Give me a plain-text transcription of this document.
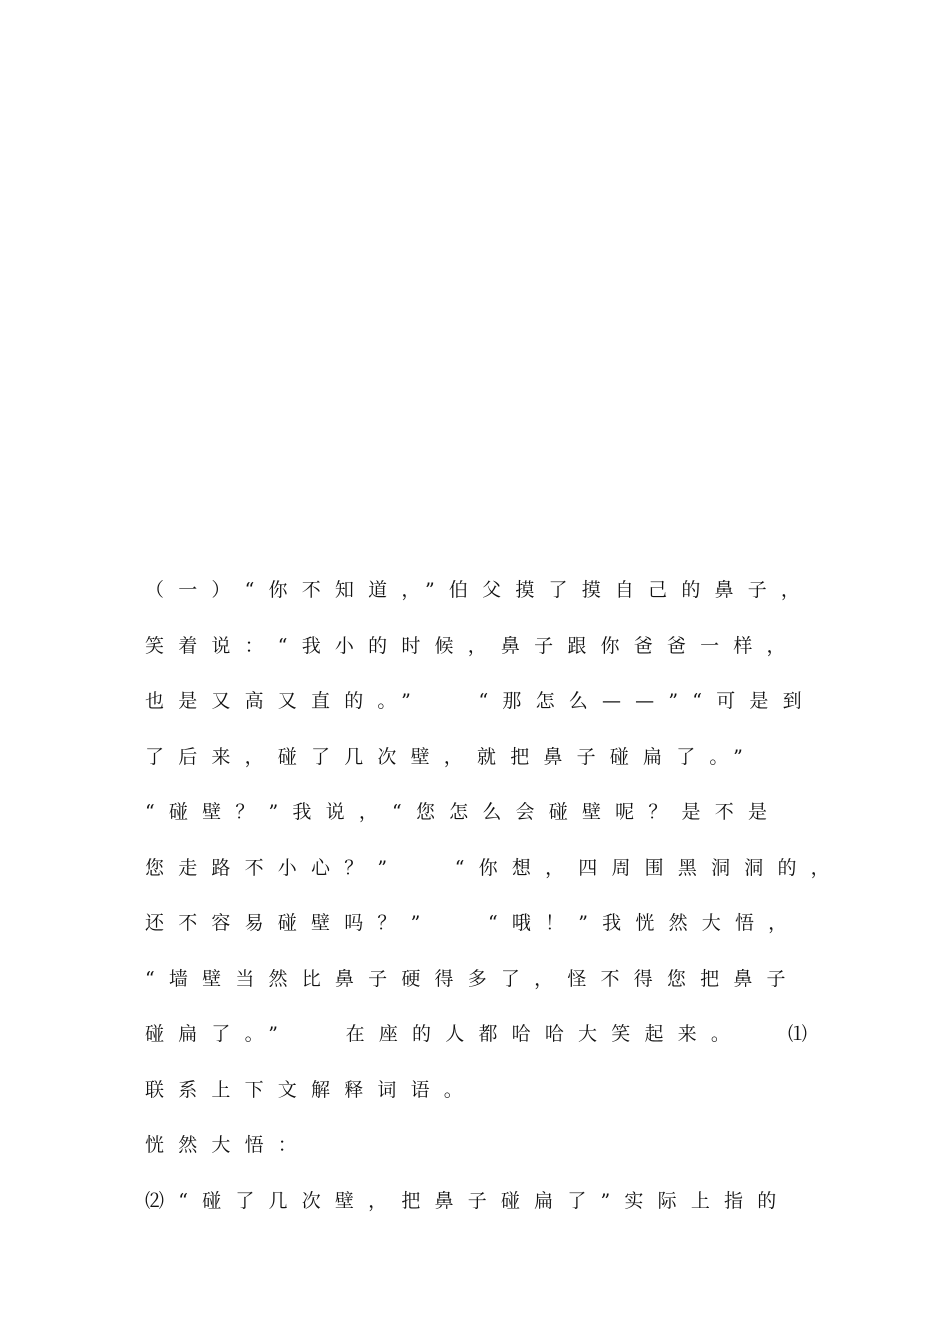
（一）“你不知道，”伯父摸了摸自己的鼻子，
笑着说：“我小的时候，鼻子跟你爸爸一样，
也是又高又直的。”　 “那怎么——”“可是到
了后来，碰了几次壁，就把鼻子碰扁了。”
“碰壁？”我说，“您怎么会碰壁呢？是不是
您走路不小心？”　 “你想，四周围黑洞洞的，
还不容易碰壁吗？”　 “哦！”我恍然大悟，
“墙壁当然比鼻子硬得多了，怪不得您把鼻子
碰扁了。”　 在座的人都哈哈大笑起来。　 ⑴
联系上下文解释词语。
恍然大悟：
⑵“碰了几次壁，把鼻子碰扁了”实际上指的
